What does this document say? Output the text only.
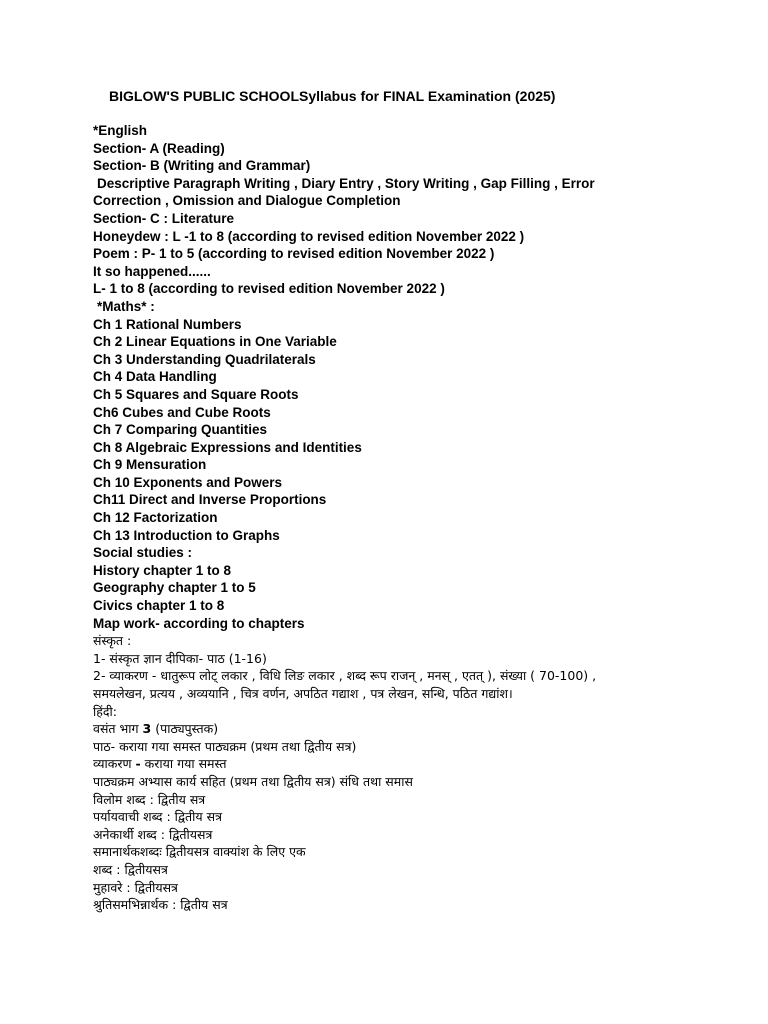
BIGLOW'S PUBLIC SCHOOLSyllabus for FINAL Examination (2025)
*English
Section- A (Reading)
Section- B (Writing and Grammar)
Descriptive Paragraph Writing , Diary Entry , Story Writing , Gap Filling , Error
Correction , Omission and Dialogue Completion
Section- C : Literature
Honeydew : L -1 to 8 (according to revised edition November 2022 )
Poem : P- 1 to 5 (according to revised edition November 2022 )
It so happened......
L- 1 to 8 (according to revised edition November 2022 )
*Maths* :
Ch 1 Rational Numbers
Ch 2 Linear Equations in One Variable
Ch 3 Understanding Quadrilaterals
Ch 4 Data Handling
Ch 5 Squares and Square Roots
Ch6 Cubes and Cube Roots
Ch 7 Comparing Quantities
Ch 8 Algebraic Expressions and Identities
Ch 9 Mensuration
Ch 10 Exponents and Powers
Ch11 Direct and Inverse Proportions
Ch 12 Factorization
Ch 13 Introduction to Graphs
Social studies :
History chapter 1 to 8
Geography chapter 1 to 5
Civics chapter 1 to 8
Map work- according to chapters
संस्कृत :
1- संस्कृत ज्ञान दीपिका- पाठ (1-16)
2- व्याकरण - धातुरूप लोट् लकार , विधि लिङ लकार , शब्द रूप राजन् , मनस् , एतत् ), संख्या ( 70-100) ,
समयलेखन, प्रत्यय , अव्ययानि , चित्र वर्णन, अपठित गद्याश , पत्र लेखन, सन्धि, पठित गद्यांश।
हिंदी:
वसंत भाग 3 (पाठ्यपुस्तक)
पाठ- कराया गया समस्त पाठ्यक्रम (प्रथम तथा द्वितीय सत्र)
व्याकरण - कराया गया समस्त
पाठ्यक्रम अभ्यास कार्य सहित (प्रथम तथा द्वितीय सत्र) संधि तथा समास
विलोम शब्द : द्वितीय सत्र
पर्यायवाची शब्द : द्वितीय सत्र
अनेकार्थी शब्द : द्वितीयसत्र
समानार्थकशब्दः द्वितीयसत्र वाक्यांश के लिए एक
शब्द : द्वितीयसत्र
मुहावरे : द्वितीयसत्र
श्रुतिसमभिन्नार्थक : द्वितीय सत्र
